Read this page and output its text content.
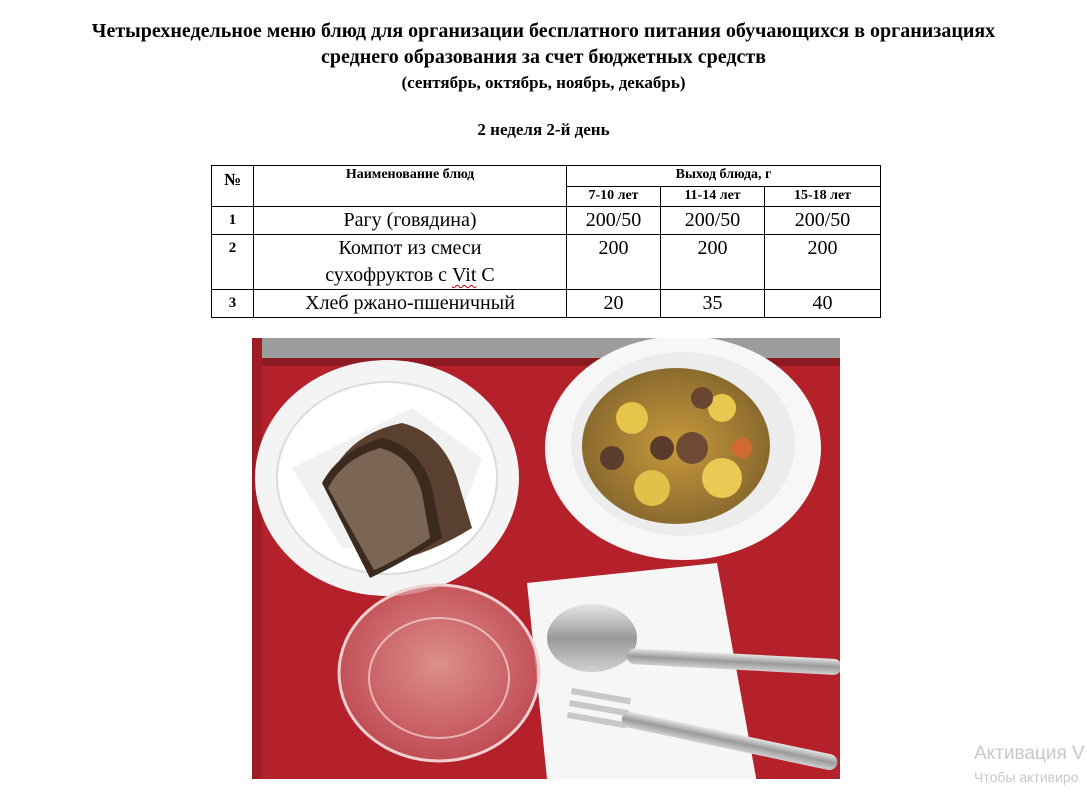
Четырехнедельное меню блюд для организации бесплатного питания обучающихся в организациях
среднего образования за счет бюджетных средств
(сентябрь, октябрь, ноябрь, декабрь)
2 неделя 2-й день
№	Наименование блюд	Выход блюда, г		
		7-10 лет	11-14 лет	15-18 лет
1	Рагу (говядина)	200/50	200/50	200/50
2	Компот из смеси
сухофруктов с Vit C	200	200	200
3	Хлеб ржано-пшеничный	20	35	40
Активация V
Чтобы активиро
